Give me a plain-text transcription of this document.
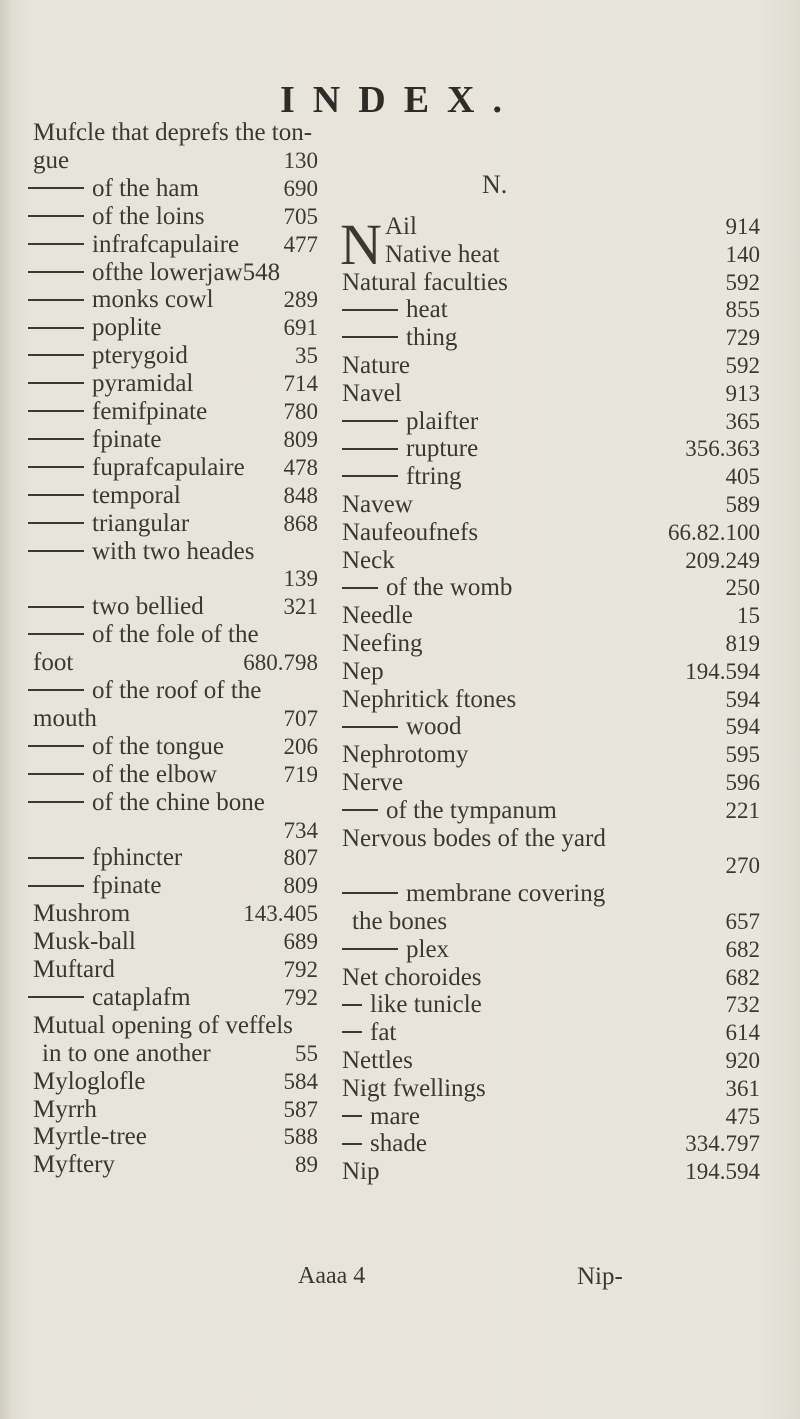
INDEX.
Mufcle that deprefs the ton-
gue	130
of the ham	690
of the loins	705
infrafcapulaire 477
ofthe lowerjaw548
monks cowl	289
poplite	691
pterygoid	35
pyramidal	714
femifpinate	780
fpinate	809
fuprafcapulaire 478
temporal	848
triangular	868
with two heades
139
two bellied	321
of the fole of the
foot	680.798
of the roof of the
mouth	707
of the tongue	206
of the elbow	719
of the chine bone
734
fphincter	807
fpinate	809
Mushrom	143.405
Musk-ball	689
Muftard	792
cataplafm	792
Mutual opening of veffels
in to one another	55
Myloglofle	584
Myrrh	587
Myrtle-tree	588
Myftery	89
Ail	914
Native heat	140
Natural faculties	592
heat	855
thing	729
Nature	592
Navel	913
plaifter	365
rupture	356.363
ftring	405
Navew	589
Naufeoufnefs	66.82.100
Neck	209.249
of the womb	250
Needle	15
Neefing	819
Nep	194.594
Nephritick ftones	594
wood	594
Nephrotomy	595
Nerve	596
of the tympanum	221
Nervous bodes of the yard
270
membrane covering
the bones	657
plex	682
Net choroides	682
like tunicle	732
fat	614
Nettles	920
Nigt fwellings	361
mare	475
shade	334.797
Nip	194.594
N.
N
Aaaa 4	Nip-
